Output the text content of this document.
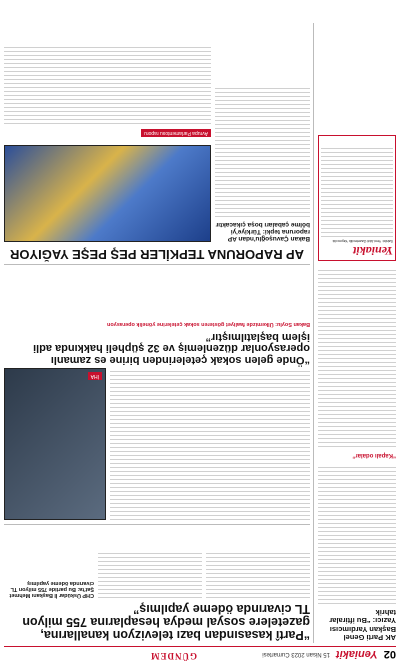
02
Yeniakit
15 Nisan 2023 Cumartesi
GÜNDEM
AK Parti Genel Başkan Yardımcısı Yazıcı: “Bu iftiralar tahrik
“Kapalı odalar”
Yeniakit
Sahibi: Yeni Akit Gazetecilik Yayıncılık
“Partî kasasından bazı televizyon kanallarına, gazetelere sosyal medya hesaplarına 755 milyon TL civarında ödeme yapılmış”
CHP Üsküdar İl Başkanı Mehmet Şat'ta: Bu partide 755 milyon TL civarında ödeme yapılmış
İHA
“Önde gelen sokak çetelerinden birine es zamanlı operasyonlar düzenlemiş ve 32 şüpheli hakkında adli işlem başlatılmıştır”
Bakan Soylu: Ülkemizde faaliyet gösteren sokak çetelerine yönelik operasyon
AP RAPORUNA TEPKİLER PEŞ PEŞE YAĞIYOR
Bakan Çavuşoğlu'ndan AP raporuna tepki: Türkiye'yi bölme çabaları boşa çıkacaktır
Avrupa Parlamentosu raporu
